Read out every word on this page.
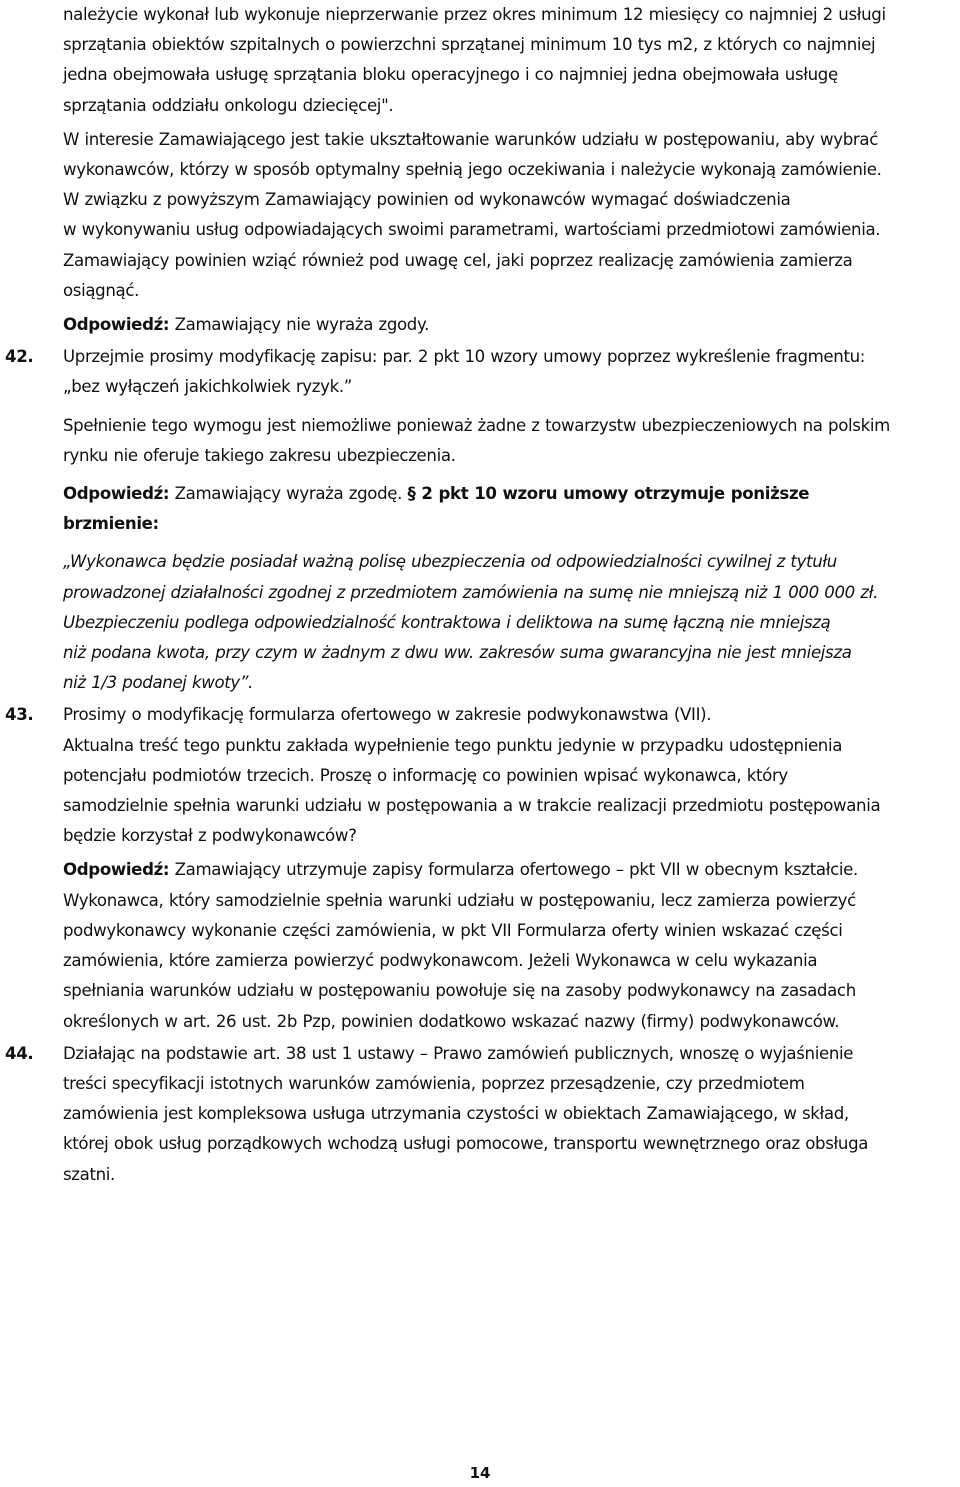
należycie wykonał lub wykonuje nieprzerwanie przez okres minimum 12 miesięcy co najmniej 2 usługi
sprzątania obiektów szpitalnych o powierzchni sprzątanej minimum 10 tys m2, z których co najmniej
jedna obejmowała usługę sprzątania bloku operacyjnego i co najmniej jedna obejmowała usługę
sprzątania oddziału onkologu dziecięcej".

W interesie Zamawiającego jest takie ukształtowanie warunków udziału w postępowaniu, aby wybrać
wykonawców, którzy w sposób optymalny spełnią jego oczekiwania i należycie wykonają zamówienie.
W związku z powyższym Zamawiający powinien od wykonawców wymagać doświadczenia
w wykonywaniu usług odpowiadających swoimi parametrami, wartościami przedmiotowi zamówienia.
Zamawiający powinien wziąć również pod uwagę cel, jaki poprzez realizację zamówienia zamierza
osiągnąć.

Odpowiedź: Zamawiający nie wyraża zgody.

42. Uprzejmie prosimy modyfikację zapisu: par. 2 pkt 10 wzory umowy poprzez wykreślenie fragmentu:
„bez wyłączeń jakichkolwiek ryzyk.”

Spełnienie tego wymogu jest niemożliwe ponieważ żadne z towarzystw ubezpieczeniowych na polskim
rynku nie oferuje takiego zakresu ubezpieczenia.

Odpowiedź: Zamawiający wyraża zgodę. § 2 pkt 10 wzoru umowy otrzymuje poniższe
brzmienie:

„Wykonawca będzie posiadał ważną polisę ubezpieczenia od odpowiedzialności cywilnej z tytułu
prowadzonej działalności zgodnej z przedmiotem zamówienia na sumę nie mniejszą niż 1 000 000 zł.
Ubezpieczeniu podlega odpowiedzialność kontraktowa i deliktowa na sumę łączną nie mniejszą
niż podana kwota, przy czym w żadnym z dwu ww. zakresów suma gwarancyjna nie jest mniejsza
niż 1/3 podanej kwoty”.

43. Prosimy o modyfikację formularza ofertowego w zakresie podwykonawstwa (VII).
Aktualna treść tego punktu zakłada wypełnienie tego punktu jedynie w przypadku udostępnienia
potencjału podmiotów trzecich. Proszę o informację co powinien wpisać wykonawca, który
samodzielnie spełnia warunki udziału w postępowania a w trakcie realizacji przedmiotu postępowania
będzie korzystał z podwykonawców?

Odpowiedź: Zamawiający utrzymuje zapisy formularza ofertowego – pkt VII w obecnym kształcie.
Wykonawca, który samodzielnie spełnia warunki udziału w postępowaniu, lecz zamierza powierzyć
podwykonawcy wykonanie części zamówienia, w pkt VII Formularza oferty winien wskazać części
zamówienia, które zamierza powierzyć podwykonawcom. Jeżeli Wykonawca w celu wykazania
spełniania warunków udziału w postępowaniu powołuje się na zasoby podwykonawcy na zasadach
określonych w art. 26 ust. 2b Pzp, powinien dodatkowo wskazać nazwy (firmy) podwykonawców.

44. Działając na podstawie art. 38 ust 1 ustawy – Prawo zamówień publicznych, wnoszę o wyjaśnienie
treści specyfikacji istotnych warunków zamówienia, poprzez przesądzenie, czy przedmiotem
zamówienia jest kompleksowa usługa utrzymania czystości w obiektach Zamawiającego, w skład,
której obok usług porządkowych wchodzą usługi pomocowe, transportu wewnętrznego oraz obsługa
szatni.

14
